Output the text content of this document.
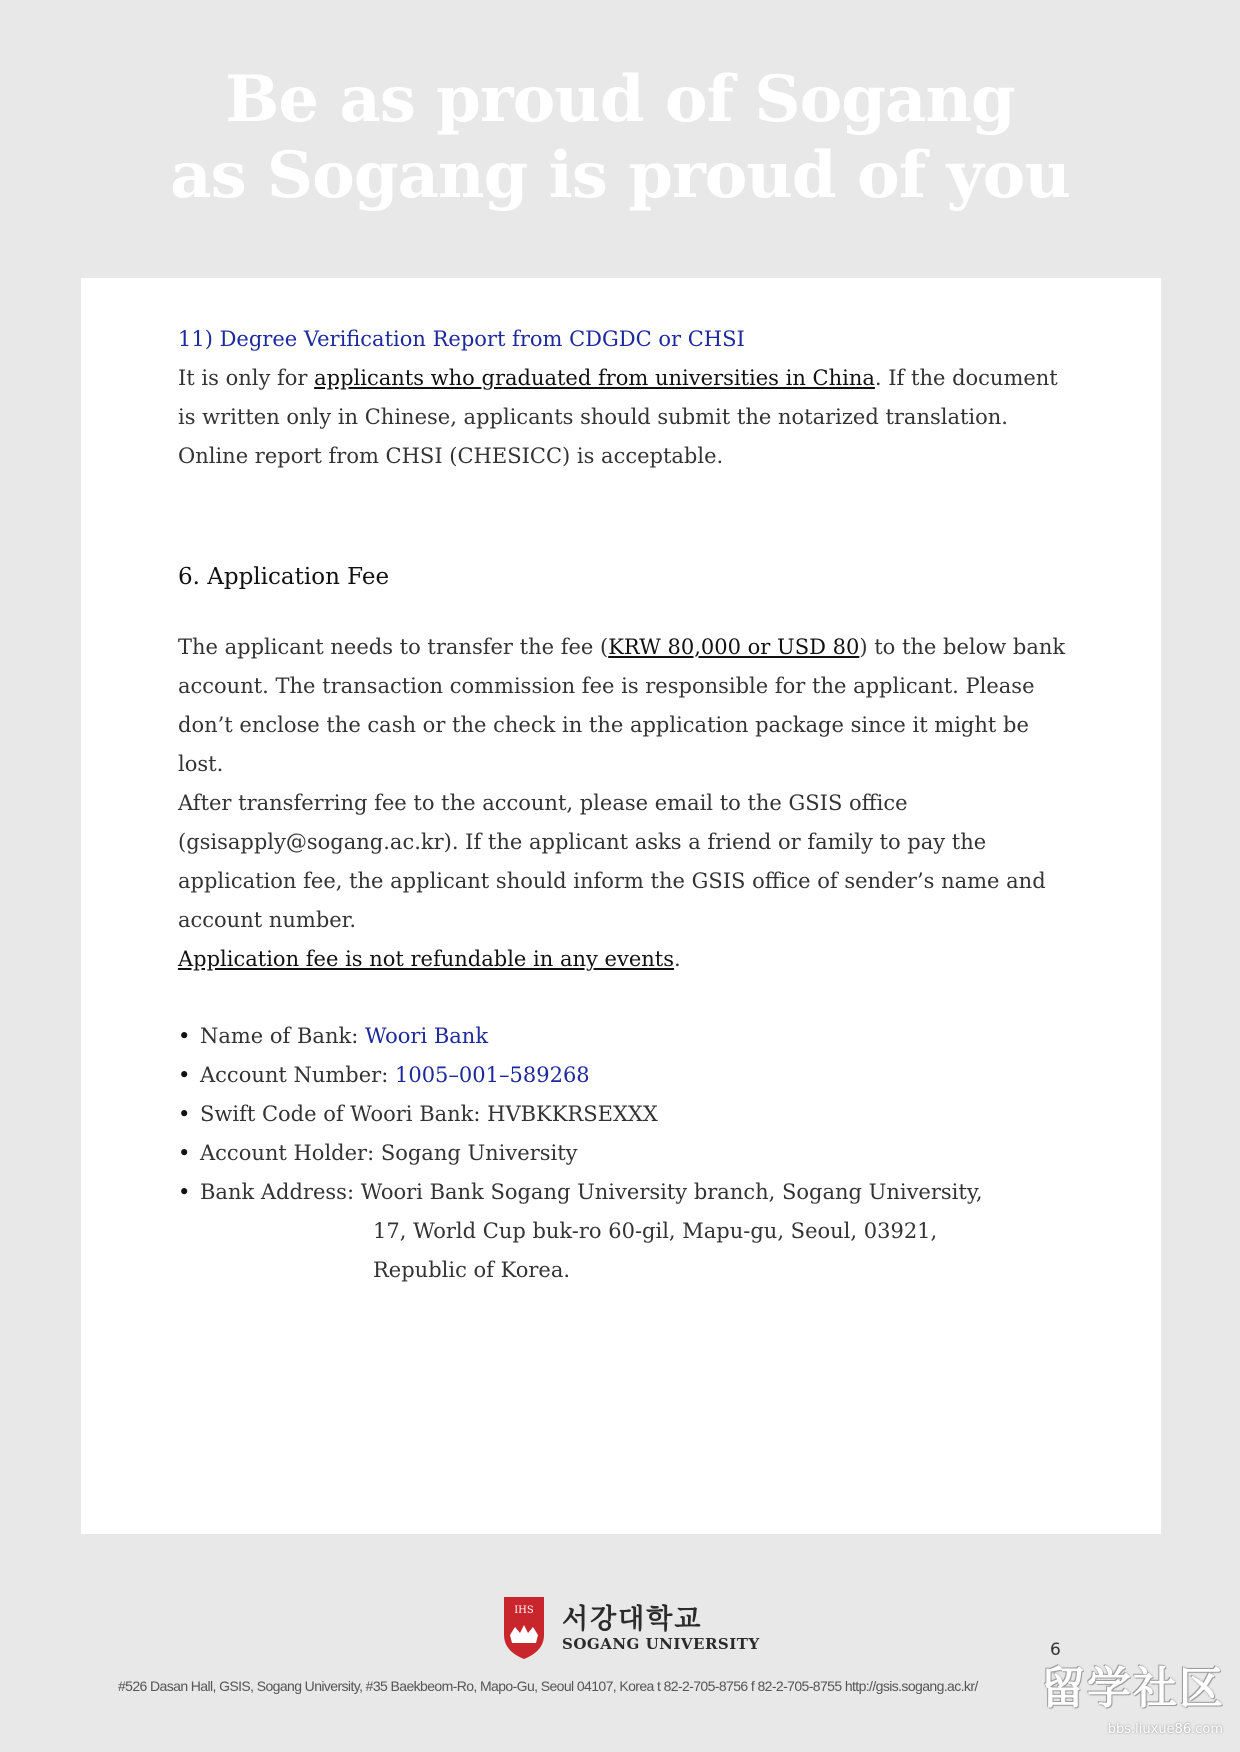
Be as proud of Sogang
as Sogang is proud of you

11) Degree Verification Report from CDGDC or CHSI

It is only for applicants who graduated from universities in China. If the document is written only in Chinese, applicants should submit the notarized translation. Online report from CHSI (CHESICC) is acceptable.

6. Application Fee

The applicant needs to transfer the fee (KRW 80,000 or USD 80) to the below bank account. The transaction commission fee is responsible for the applicant. Please don’t enclose the cash or the check in the application package since it might be lost.

After transferring fee to the account, please email to the GSIS office (gsisapply@sogang.ac.kr). If the applicant asks a friend or family to pay the application fee, the applicant should inform the GSIS office of sender’s name and account number.

Application fee is not refundable in any events.

• Name of Bank: Woori Bank
• Account Number: 1005–001–589268
• Swift Code of Woori Bank: HVBKKRSEXXX
• Account Holder: Sogang University
• Bank Address: Woori Bank Sogang University branch, Sogang University,
17, World Cup buk-ro 60-gil, Mapu-gu, Seoul, 03921,
Republic of Korea.
IHS 서강대학교
SOGANG UNIVERSITY	6
#526 Dasan Hall, GSIS, Sogang University, #35 Baekbeom-Ro, Mapo-Gu, Seoul 04107, Korea t 82-2-705-8756 f 82-2-705-8755 http://gsis.sogang.ac.kr/	留学社区
bbs.liuxue86.com
